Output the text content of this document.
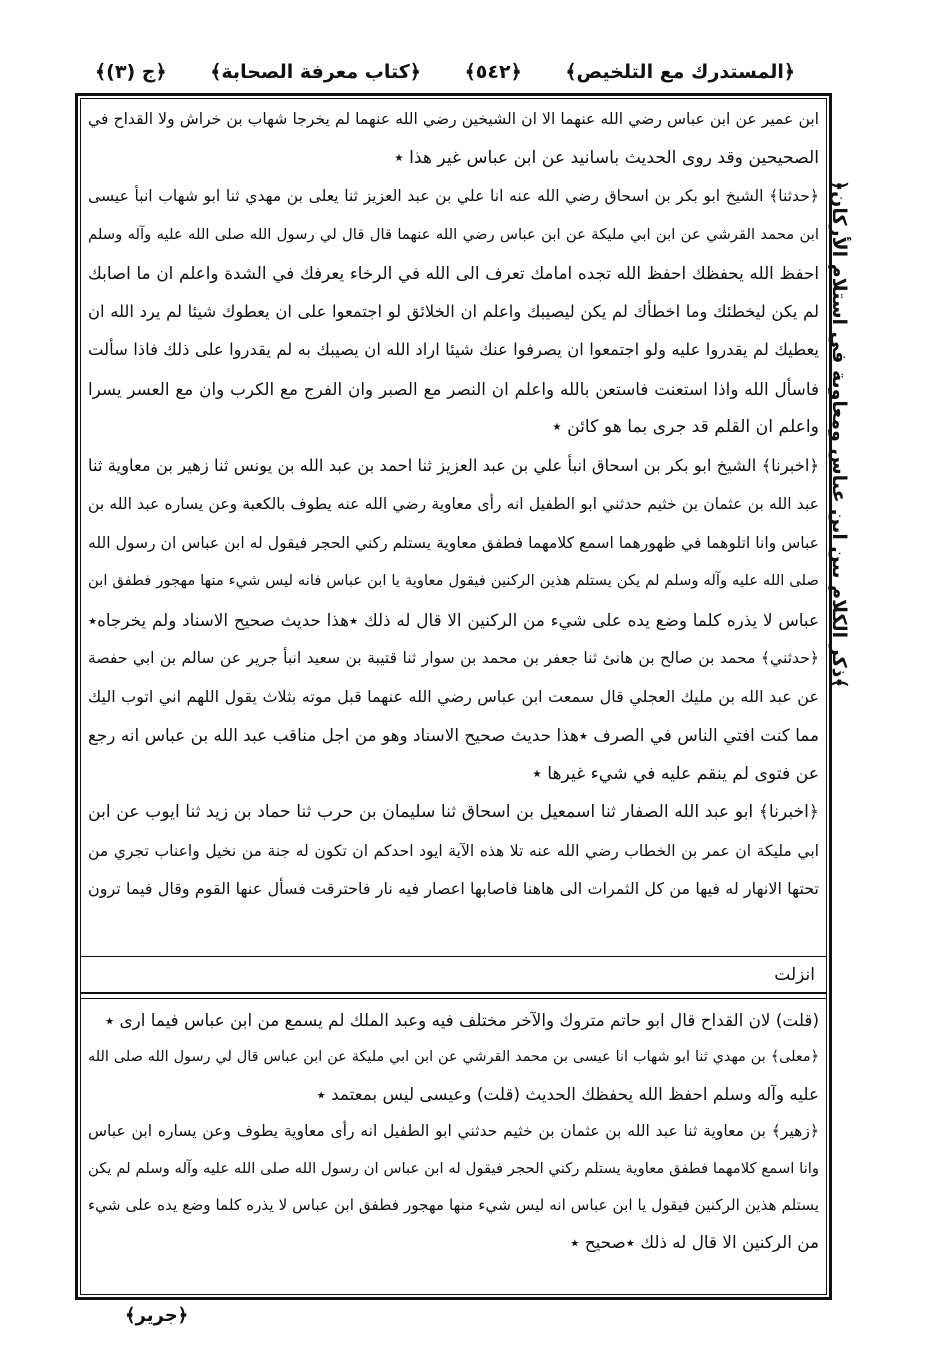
﴿المستدرك مع التلخيص﴾
﴿٥٤٢﴾
﴿كتاب معرفة الصحابة﴾
﴿ج (٣)﴾
ابن عمير عن ابن عباس رضي الله عنهما الا ان الشيخين رضي الله عنهما لم يخرجا شهاب بن خراش ولا القداح في
الصحيحين وقد روى الحديث باسانيد عن ابن عباس غير هذا ٭
﴿حدثنا﴾ الشيخ ابو بكر بن اسحاق رضي الله عنه انا علي بن عبد العزيز ثنا يعلى بن مهدي ثنا ابو شهاب انبأ عيسى
ابن محمد القرشي عن ابن ابي مليكة عن ابن عباس رضي الله عنهما قال قال لي رسول الله صلى الله عليه وآله وسلم
احفظ الله يحفظك احفظ الله تجده امامك تعرف الى الله في الرخاء يعرفك في الشدة واعلم ان ما اصابك
لم يكن ليخطئك وما اخطأك لم يكن ليصيبك واعلم ان الخلائق لو اجتمعوا على ان يعطوك شيئا لم يرد الله ان
يعطيك لم يقدروا عليه ولو اجتمعوا ان يصرفوا عنك شيئا اراد الله ان يصيبك به لم يقدروا على ذلك فاذا سألت
فاسأل الله واذا استعنت فاستعن بالله واعلم ان النصر مع الصبر وان الفرج مع الكرب وان مع العسر يسرا
واعلم ان القلم قد جرى بما هو كائن ٭
﴿اخبرنا﴾ الشيخ ابو بكر بن اسحاق انبأ علي بن عبد العزيز ثنا احمد بن عبد الله بن يونس ثنا زهير بن معاوية ثنا
عبد الله بن عثمان بن خثيم حدثني ابو الطفيل انه رأى معاوية رضي الله عنه يطوف بالكعبة وعن يساره عبد الله بن
عباس وانا اتلوهما في ظهورهما اسمع كلامهما فطفق معاوية يستلم ركني الحجر فيقول له ابن عباس ان رسول الله
صلى الله عليه وآله وسلم لم يكن يستلم هذين الركنين فيقول معاوية يا ابن عباس فانه ليس شيء منها مهجور فطفق ابن
عباس لا يذره كلما وضع يده على شيء من الركنين الا قال له ذلك ٭هذا حديث صحيح الاسناد ولم يخرجاه٭
﴿حدثني﴾ محمد بن صالح بن هانئ ثنا جعفر بن محمد بن سوار ثنا قتيبة بن سعيد انبأ جرير عن سالم بن ابي حفصة
عن عبد الله بن مليك العجلي قال سمعت ابن عباس رضي الله عنهما قبل موته بثلاث يقول اللهم اني اتوب اليك
مما كنت افتي الناس في الصرف ٭هذا حديث صحيح الاسناد وهو من اجل مناقب عبد الله بن عباس انه رجع
عن فتوى لم ينقم عليه في شيء غيرها ٭
﴿اخبرنا﴾ ابو عبد الله الصفار ثنا اسمعيل بن اسحاق ثنا سليمان بن حرب ثنا حماد بن زيد ثنا ايوب عن ابن
ابي مليكة ان عمر بن الخطاب رضي الله عنه تلا هذه الآية ايود احدكم ان تكون له جنة من نخيل واعناب تجري من
تحتها الانهار له فيها من كل الثمرات الى هاهنا فاصابها اعصار فيه نار فاحترقت فسأل عنها القوم وقال فيما ترون
انزلت
(قلت) لان القداح قال ابو حاتم متروك والآخر مختلف فيه وعبد الملك لم يسمع من ابن عباس فيما ارى ٭
﴿معلى﴾ بن مهدي ثنا ابو شهاب انا عيسى بن محمد القرشي عن ابن ابي مليكة عن ابن عباس قال لي رسول الله صلى الله
عليه وآله وسلم احفظ الله يحفظك الحديث (قلت) وعيسى ليس بمعتمد ٭
﴿زهير﴾ بن معاوية ثنا عبد الله بن عثمان بن خثيم حدثني ابو الطفيل انه رأى معاوية يطوف وعن يساره ابن عباس
وانا اسمع كلامهما فطفق معاوية يستلم ركني الحجر فيقول له ابن عباس ان رسول الله صلى الله عليه وآله وسلم لم يكن
يستلم هذين الركنين فيقول يا ابن عباس انه ليس شيء منها مهجور فطفق ابن عباس لا يذره كلما وضع يده على شيء
من الركنين الا قال له ذلك ٭صحيح ٭
﴿ذكر الكلام بين ابن عباس ومعاوية في استلام الأركان﴾
﴿جرير﴾
